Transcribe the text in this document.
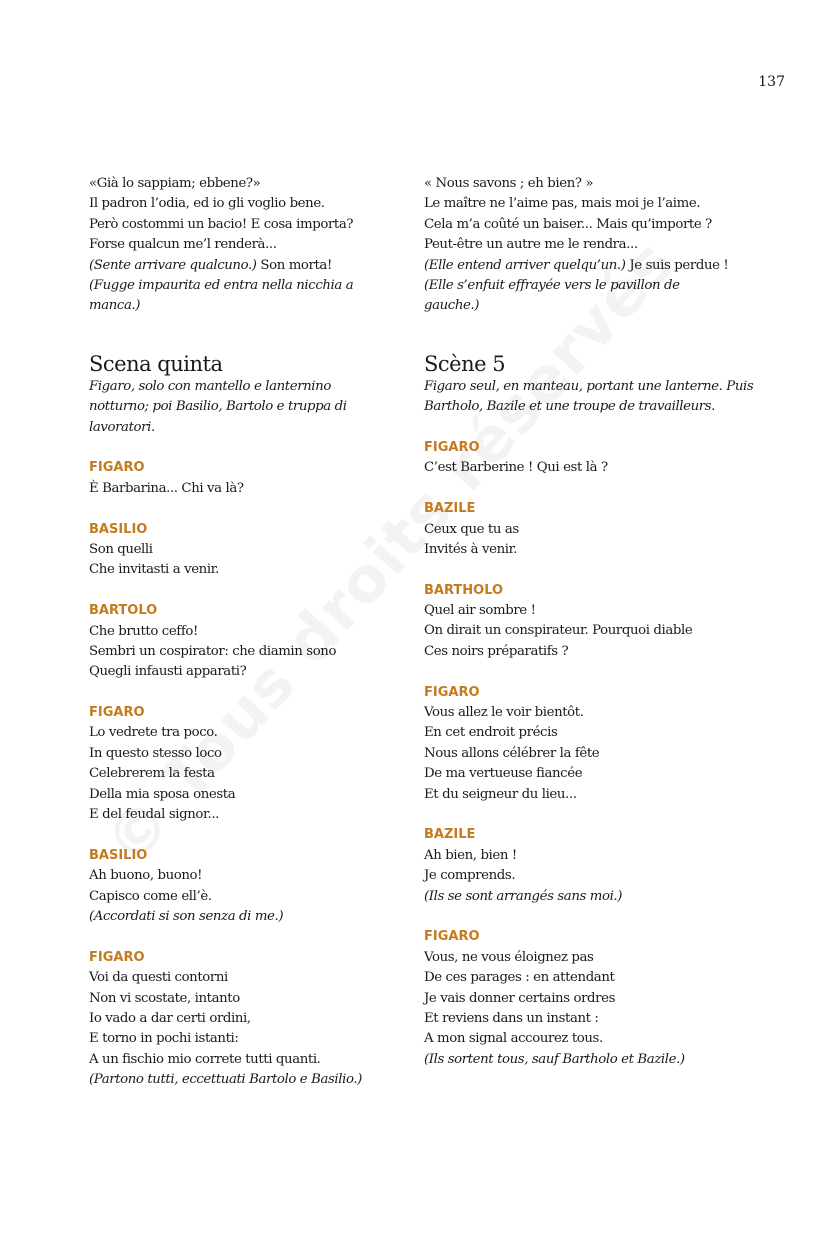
137
«Già lo sappiam; ebbene?»
Il padron l’odia, ed io gli voglio bene.
Però costommi un bacio! E cosa importa?
Forse qualcun me’l renderà...
(Sente arrivare qualcuno.) Son morta!
(Fugge impaurita ed entra nella nicchia a manca.)
Scena quinta
Figaro, solo con mantello e lanternino notturno; poi Basilio, Bartolo e truppa di lavoratori.
FIGARO
È Barbarina... Chi va là?
BASILIO
Son quelli
Che invitasti a venir.
BARTOLO
Che brutto ceffo!
Sembri un cospirator: che diamin sono
Quegli infausti apparati?
FIGARO
Lo vedrete tra poco.
In questo stesso loco
Celebrerem la festa
Della mia sposa onesta
E del feudal signor...
BASILIO
Ah buono, buono!
Capisco come ell’è.
(Accordati si son senza di me.)
FIGARO
Voi da questi contorni
Non vi scostate, intanto
Io vado a dar certi ordini,
E torno in pochi istanti:
A un fischio mio correte tutti quanti.
(Partono tutti, eccettuati Bartolo e Basilio.)
« Nous savons ; eh bien? »
Le maître ne l’aime pas, mais moi je l’aime.
Cela m’a coûté un baiser... Mais qu’importe ?
Peut-être un autre me le rendra...
(Elle entend arriver quelqu’un.) Je suis perdue !
(Elle s’enfuit effrayée vers le pavillon de gauche.)
Scène 5
Figaro seul, en manteau, portant une lanterne. Puis Bartholo, Bazile et une troupe de travailleurs.
FIGARO
C’est Barberine ! Qui est là ?
BAZILE
Ceux que tu as
Invités à venir.
BARTHOLO
Quel air sombre !
On dirait un conspirateur. Pourquoi diable
Ces noirs préparatifs ?
FIGARO
Vous allez le voir bientôt.
En cet endroit précis
Nous allons célébrer la fête
De ma vertueuse fiancée
Et du seigneur du lieu...
BAZILE
Ah bien, bien !
Je comprends.
(Ils se sont arrangés sans moi.)
FIGARO
Vous, ne vous éloignez pas
De ces parages : en attendant
Je vais donner certains ordres
Et reviens dans un instant :
A mon signal accourez tous.
(Ils sortent tous, sauf Bartholo et Bazile.)
